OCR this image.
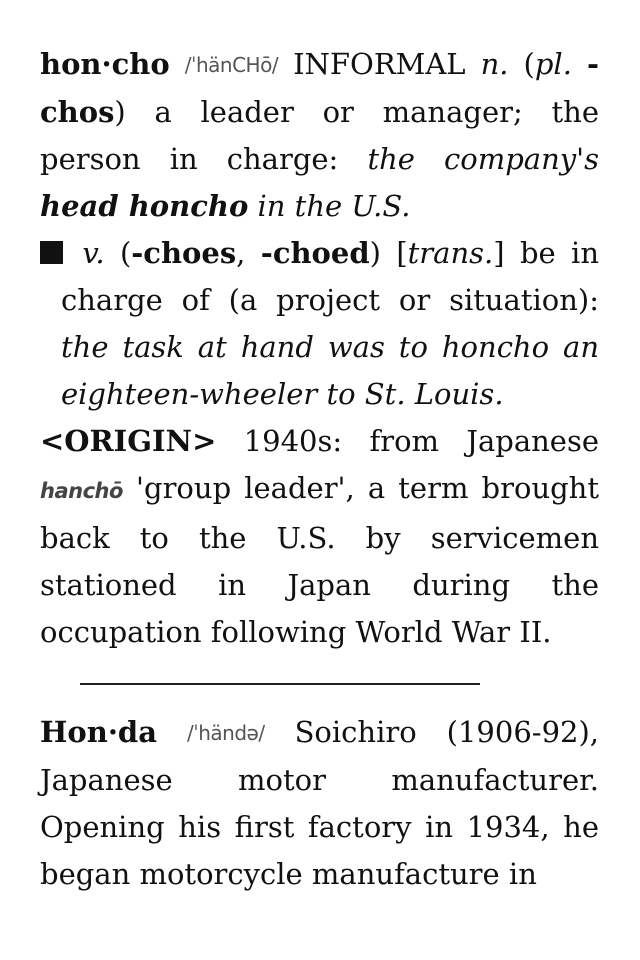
hon·cho /ˈhänCHō/ INFORMAL n. (pl. -chos) a leader or manager; the person in charge: the company's head honcho in the U.S.
v. (-choes, -choed) [trans.] be in charge of (a project or situation): the task at hand was to honcho an eighteen-wheeler to St. Louis.
<ORIGIN> 1940s: from Japanese hanchō 'group leader', a term brought back to the U.S. by servicemen stationed in Japan during the occupation following World War II.
Hon·da /ˈhändə/ Soichiro (1906-92), Japanese motor manufacturer. Opening his first factory in 1934, he began motorcycle manufacture in
